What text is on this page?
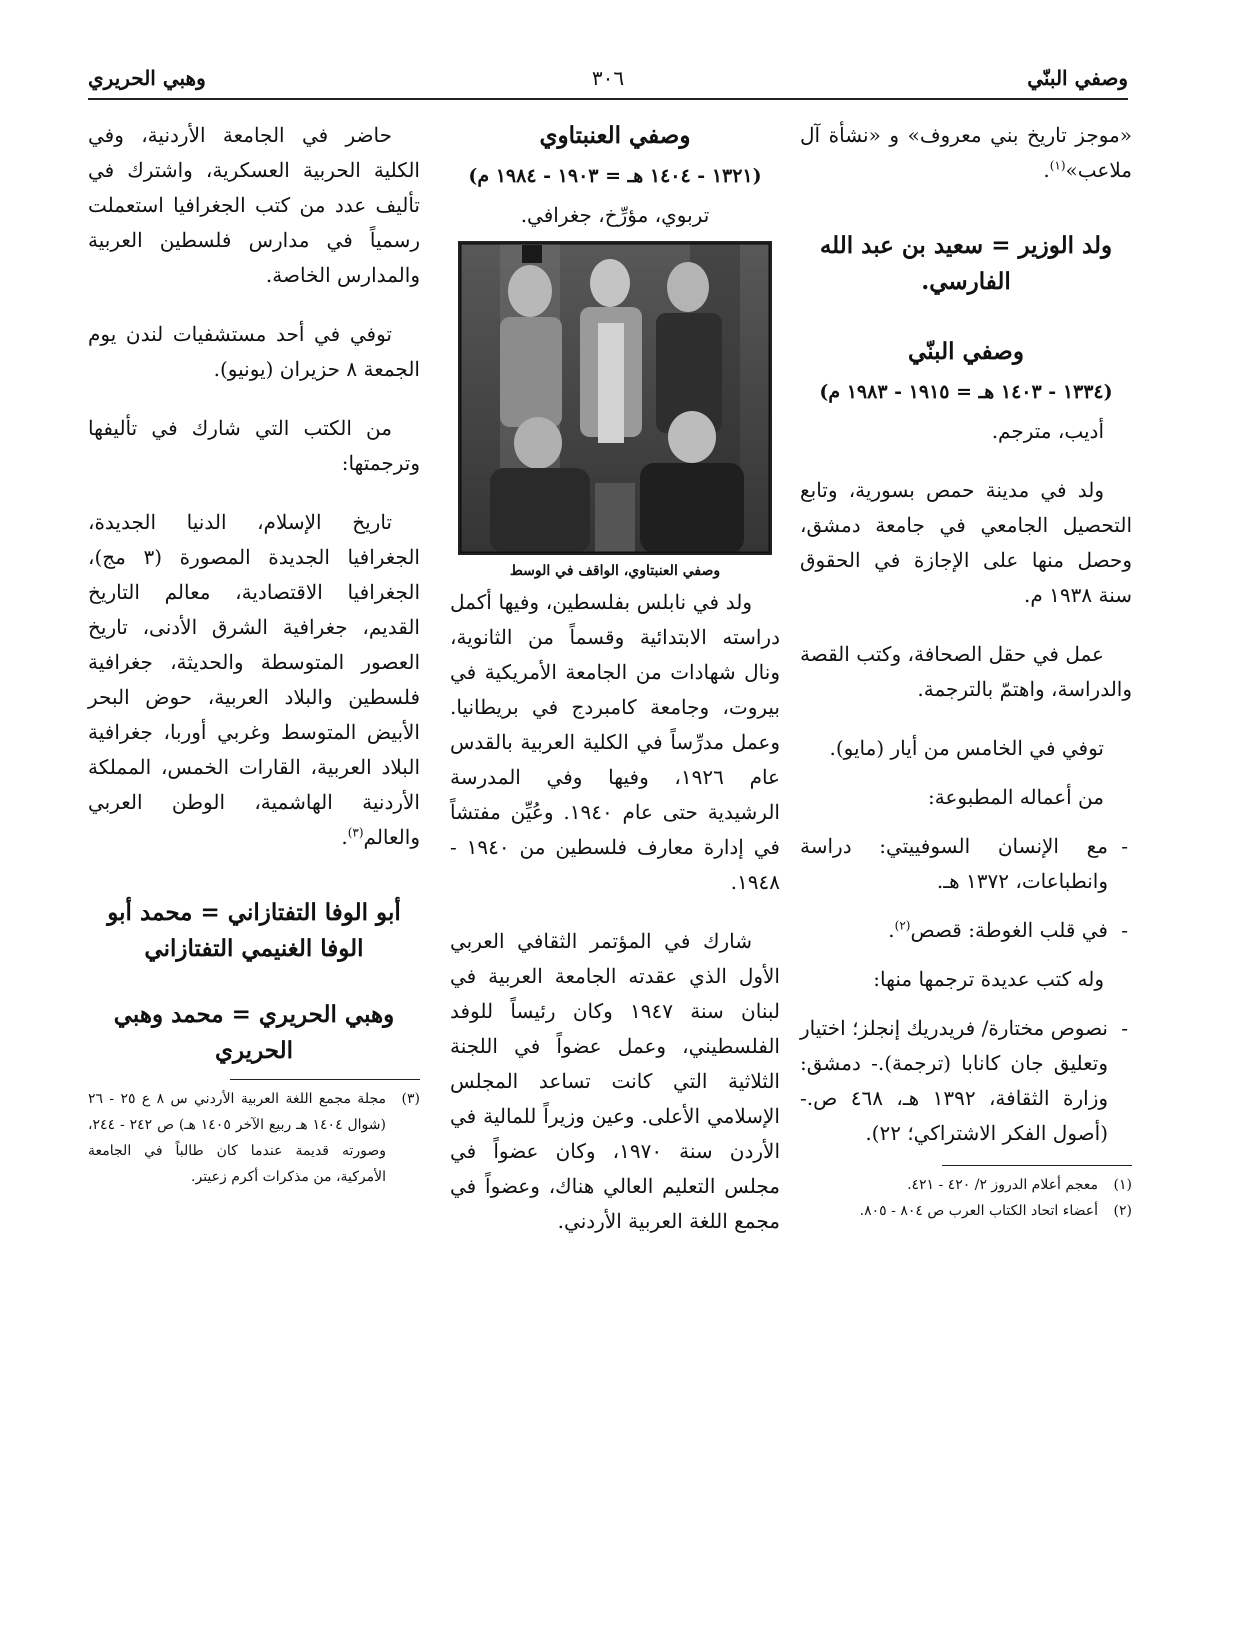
وصفي البنّي
٣٠٦
وهبي الحريري

«موجز تاريخ بني معروف» و «نشأة آل ملاعب»$^{(١)}$.

ولد الوزير = سعيد بن عبد الله الفارسي.
وصفي البنّي
(١٣٣٤ - ١٤٠٣ هـ = ١٩١٥ - ١٩٨٣ م)

أديب، مترجم.

ولد في مدينة حمص بسورية، وتابع التحصيل الجامعي في جامعة دمشق، وحصل منها على الإجازة في الحقوق سنة ١٩٣٨ م.

عمل في حقل الصحافة، وكتب القصة والدراسة، واهتمّ بالترجمة.

توفي في الخامس من أيار (مايو).

من أعماله المطبوعة:

- مع الإنسان السوفييتي: دراسة وانطباعات، ١٣٧٢ هـ.
- في قلب الغوطة: قصص$^{(٢)}$.

وله كتب عديدة ترجمها منها:

- نصوص مختارة/ فريدريك إنجلز؛ اختيار وتعليق جان كانابا (ترجمة).- دمشق: وزارة الثقافة، ١٣٩٢ هـ، ٤٦٨ ص.- (أصول الفكر الاشتراكي؛ ٢٢).
(١)
معجم أعلام الدروز ٢/ ٤٢٠ - ٤٢١.
(٢)
أعضاء اتحاد الكتاب العرب ص ٨٠٤ - ٨٠٥.
وصفي العنبتاوي
(١٣٢١ - ١٤٠٤ هـ = ١٩٠٣ - ١٩٨٤ م)

تربوي، مؤرِّخ، جغرافي.

وصفي العنبتاوي، الواقف في الوسط

ولد في نابلس بفلسطين، وفيها أكمل دراسته الابتدائية وقسماً من الثانوية، ونال شهادات من الجامعة الأمريكية في بيروت، وجامعة كامبردج في بريطانيا. وعمل مدرِّساً في الكلية العربية بالقدس عام ١٩٢٦، وفيها وفي المدرسة الرشيدية حتى عام ١٩٤٠. وعُيِّن مفتشاً في إدارة معارف فلسطين من ١٩٤٠ - ١٩٤٨.

شارك في المؤتمر الثقافي العربي الأول الذي عقدته الجامعة العربية في لبنان سنة ١٩٤٧ وكان رئيساً للوفد الفلسطيني، وعمل عضواً في اللجنة الثلاثية التي كانت تساعد المجلس الإسلامي الأعلى. وعين وزيراً للمالية في الأردن سنة ١٩٧٠، وكان عضواً في مجلس التعليم العالي هناك، وعضواً في مجمع اللغة العربية الأردني.

حاضر في الجامعة الأردنية، وفي الكلية الحربية العسكرية، واشترك في تأليف عدد من كتب الجغرافيا استعملت رسمياً في مدارس فلسطين العربية والمدارس الخاصة.

توفي في أحد مستشفيات لندن يوم الجمعة ٨ حزيران (يونيو).

من الكتب التي شارك في تأليفها وترجمتها:

تاريخ الإسلام، الدنيا الجديدة، الجغرافيا الجديدة المصورة (٣ مج)، الجغرافيا الاقتصادية، معالم التاريخ القديم، جغرافية الشرق الأدنى، تاريخ العصور المتوسطة والحديثة، جغرافية فلسطين والبلاد العربية، حوض البحر الأبيض المتوسط وغربي أوربا، جغرافية البلاد العربية، القارات الخمس، المملكة الأردنية الهاشمية، الوطن العربي والعالم$^{(٣)}$.

أبو الوفا التفتازاني = محمد أبو الوفا الغنيمي التفتازاني
وهبي الحريري = محمد وهبي الحريري
(٣)
مجلة مجمع اللغة العربية الأردني س ٨ ع ٢٥ - ٢٦ (شوال ١٤٠٤ هـ ربيع الآخر ١٤٠٥ هـ) ص ٢٤٢ - ٢٤٤، وصورته قديمة عندما كان طالباً في الجامعة الأمركية، من مذكرات أكرم زعيتر.
